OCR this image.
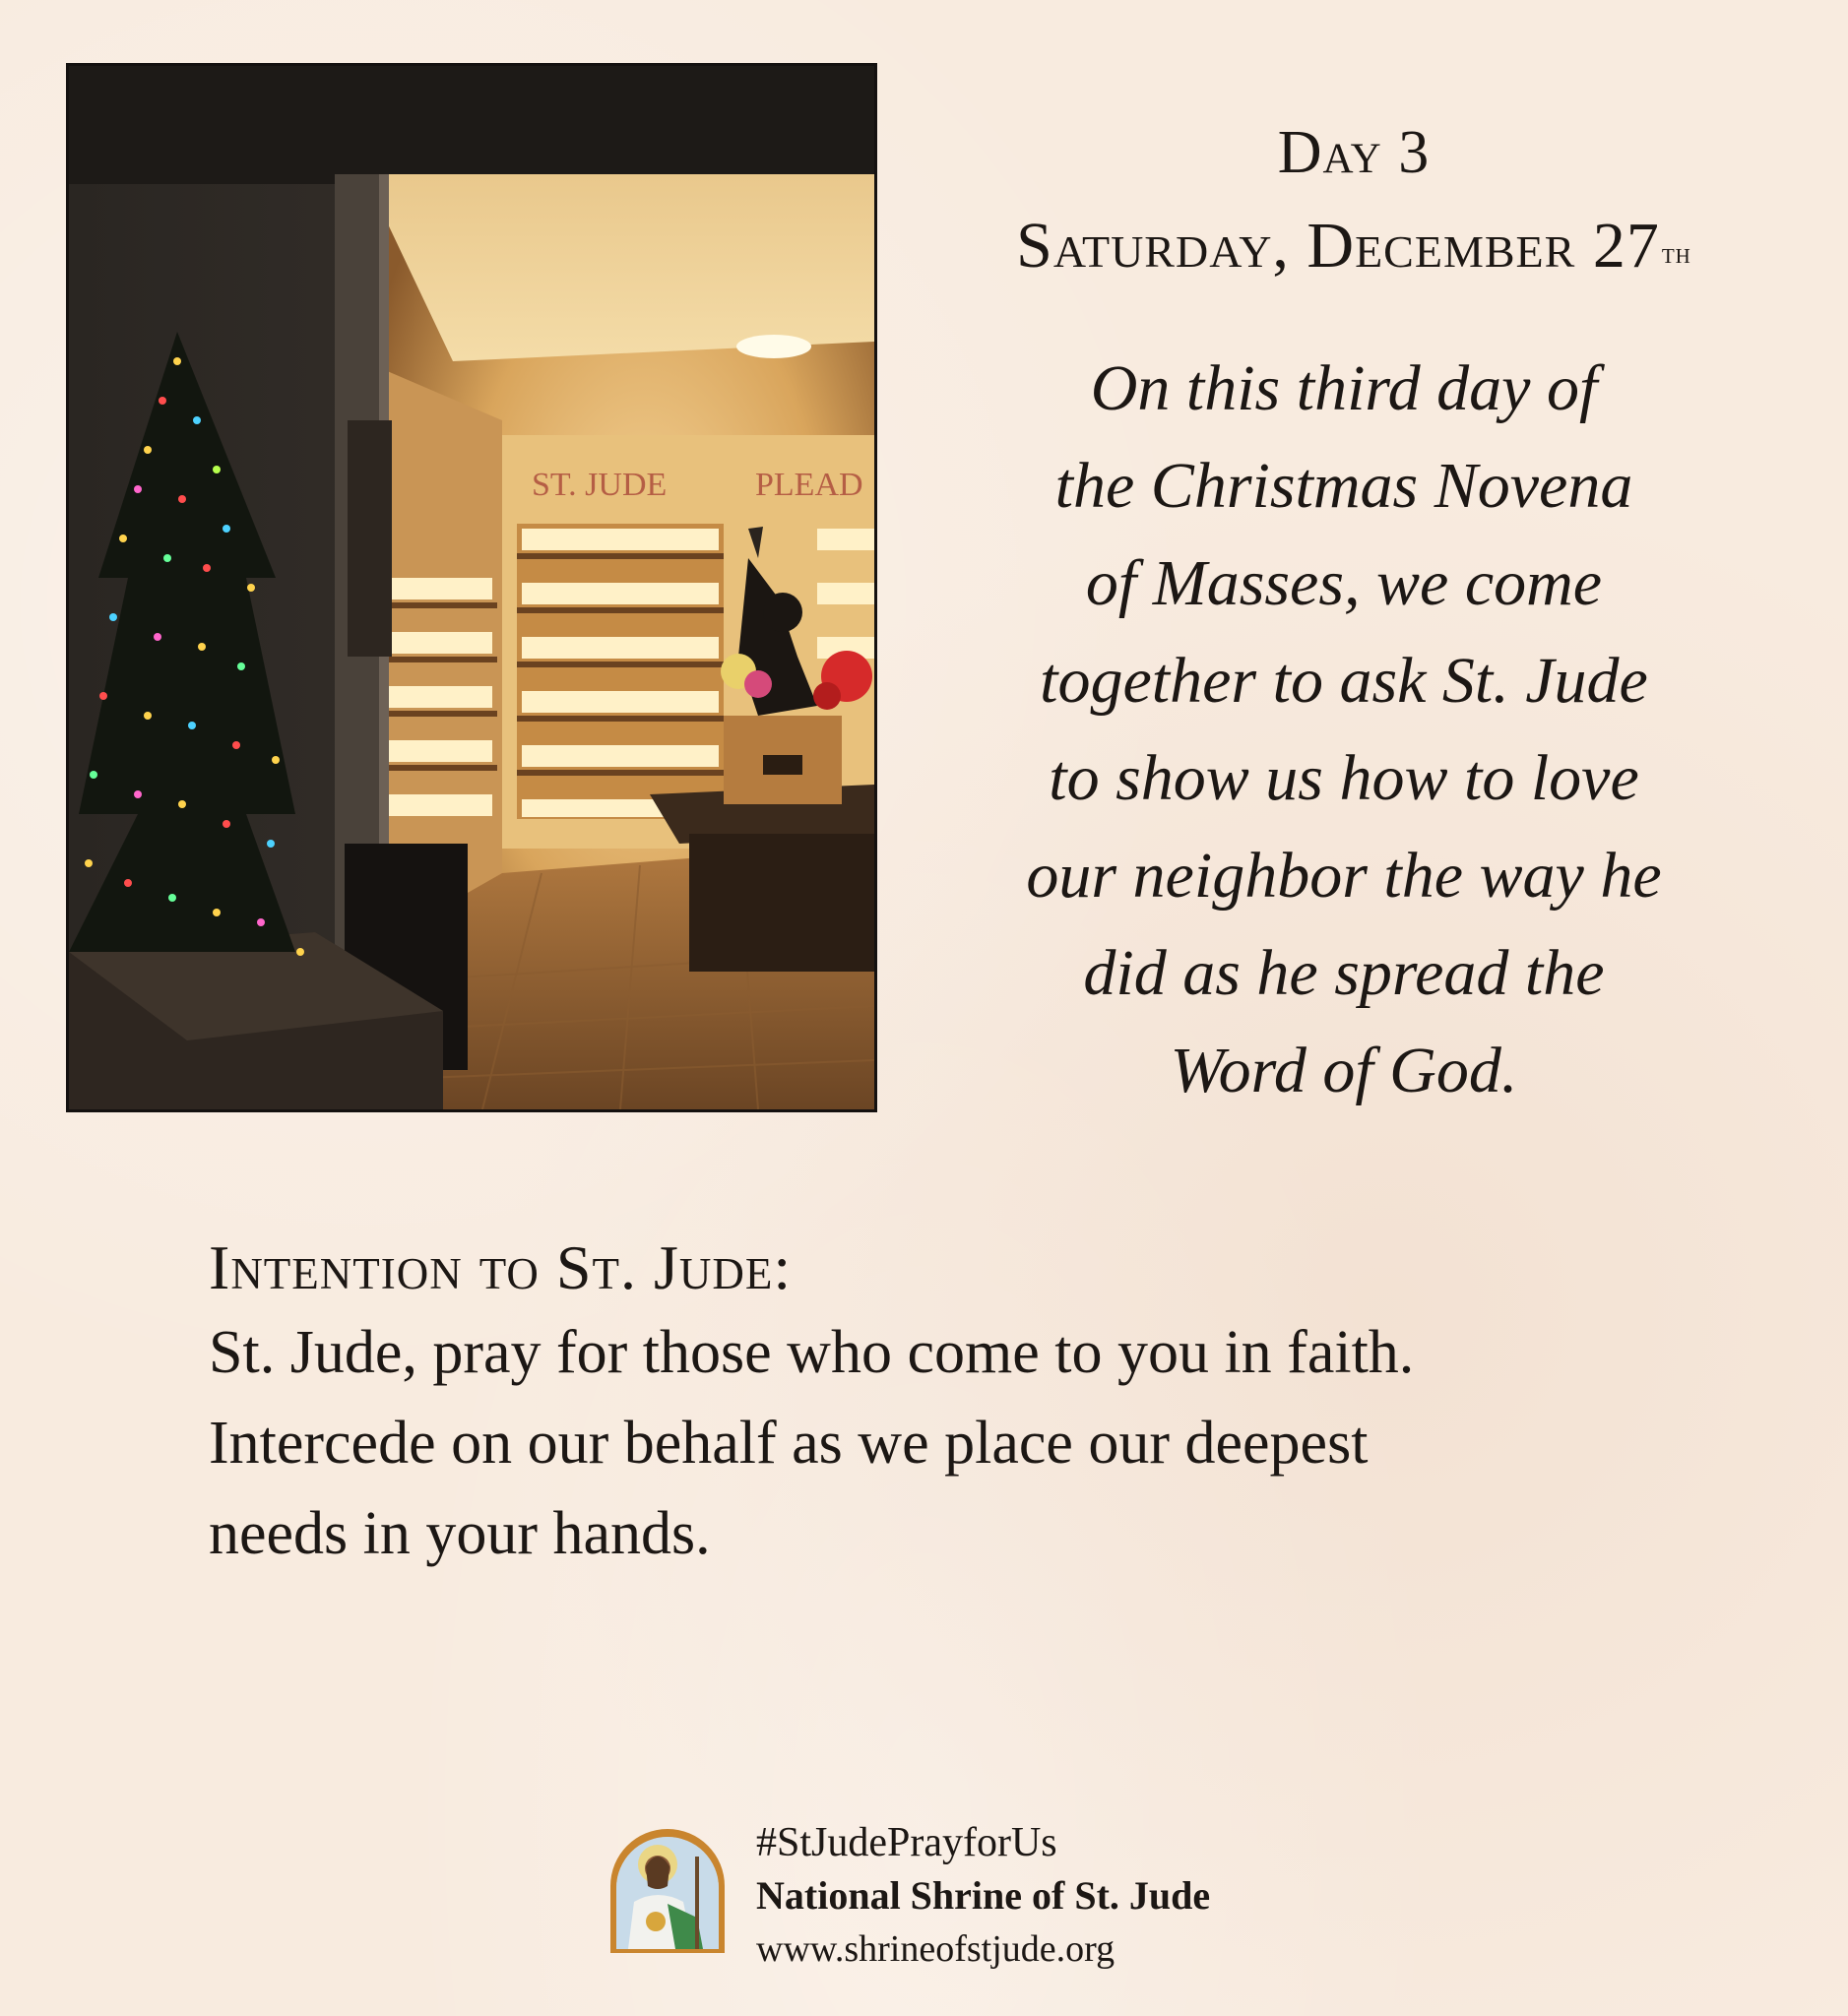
ST. JUDE	PLEAD
Day 3
Saturday, December 27th
On this third day of
the Christmas Novena
of Masses, we come
together to ask St. Jude
to show us how to love
our neighbor the way he
did as he spread the
Word of God.
Intention to St. Jude:
St. Jude, pray for those who come to you in faith.
Intercede on our behalf as we place our deepest
needs in your hands.
#StJudePrayforUs
National Shrine of St. Jude
www.shrineofstjude.org
